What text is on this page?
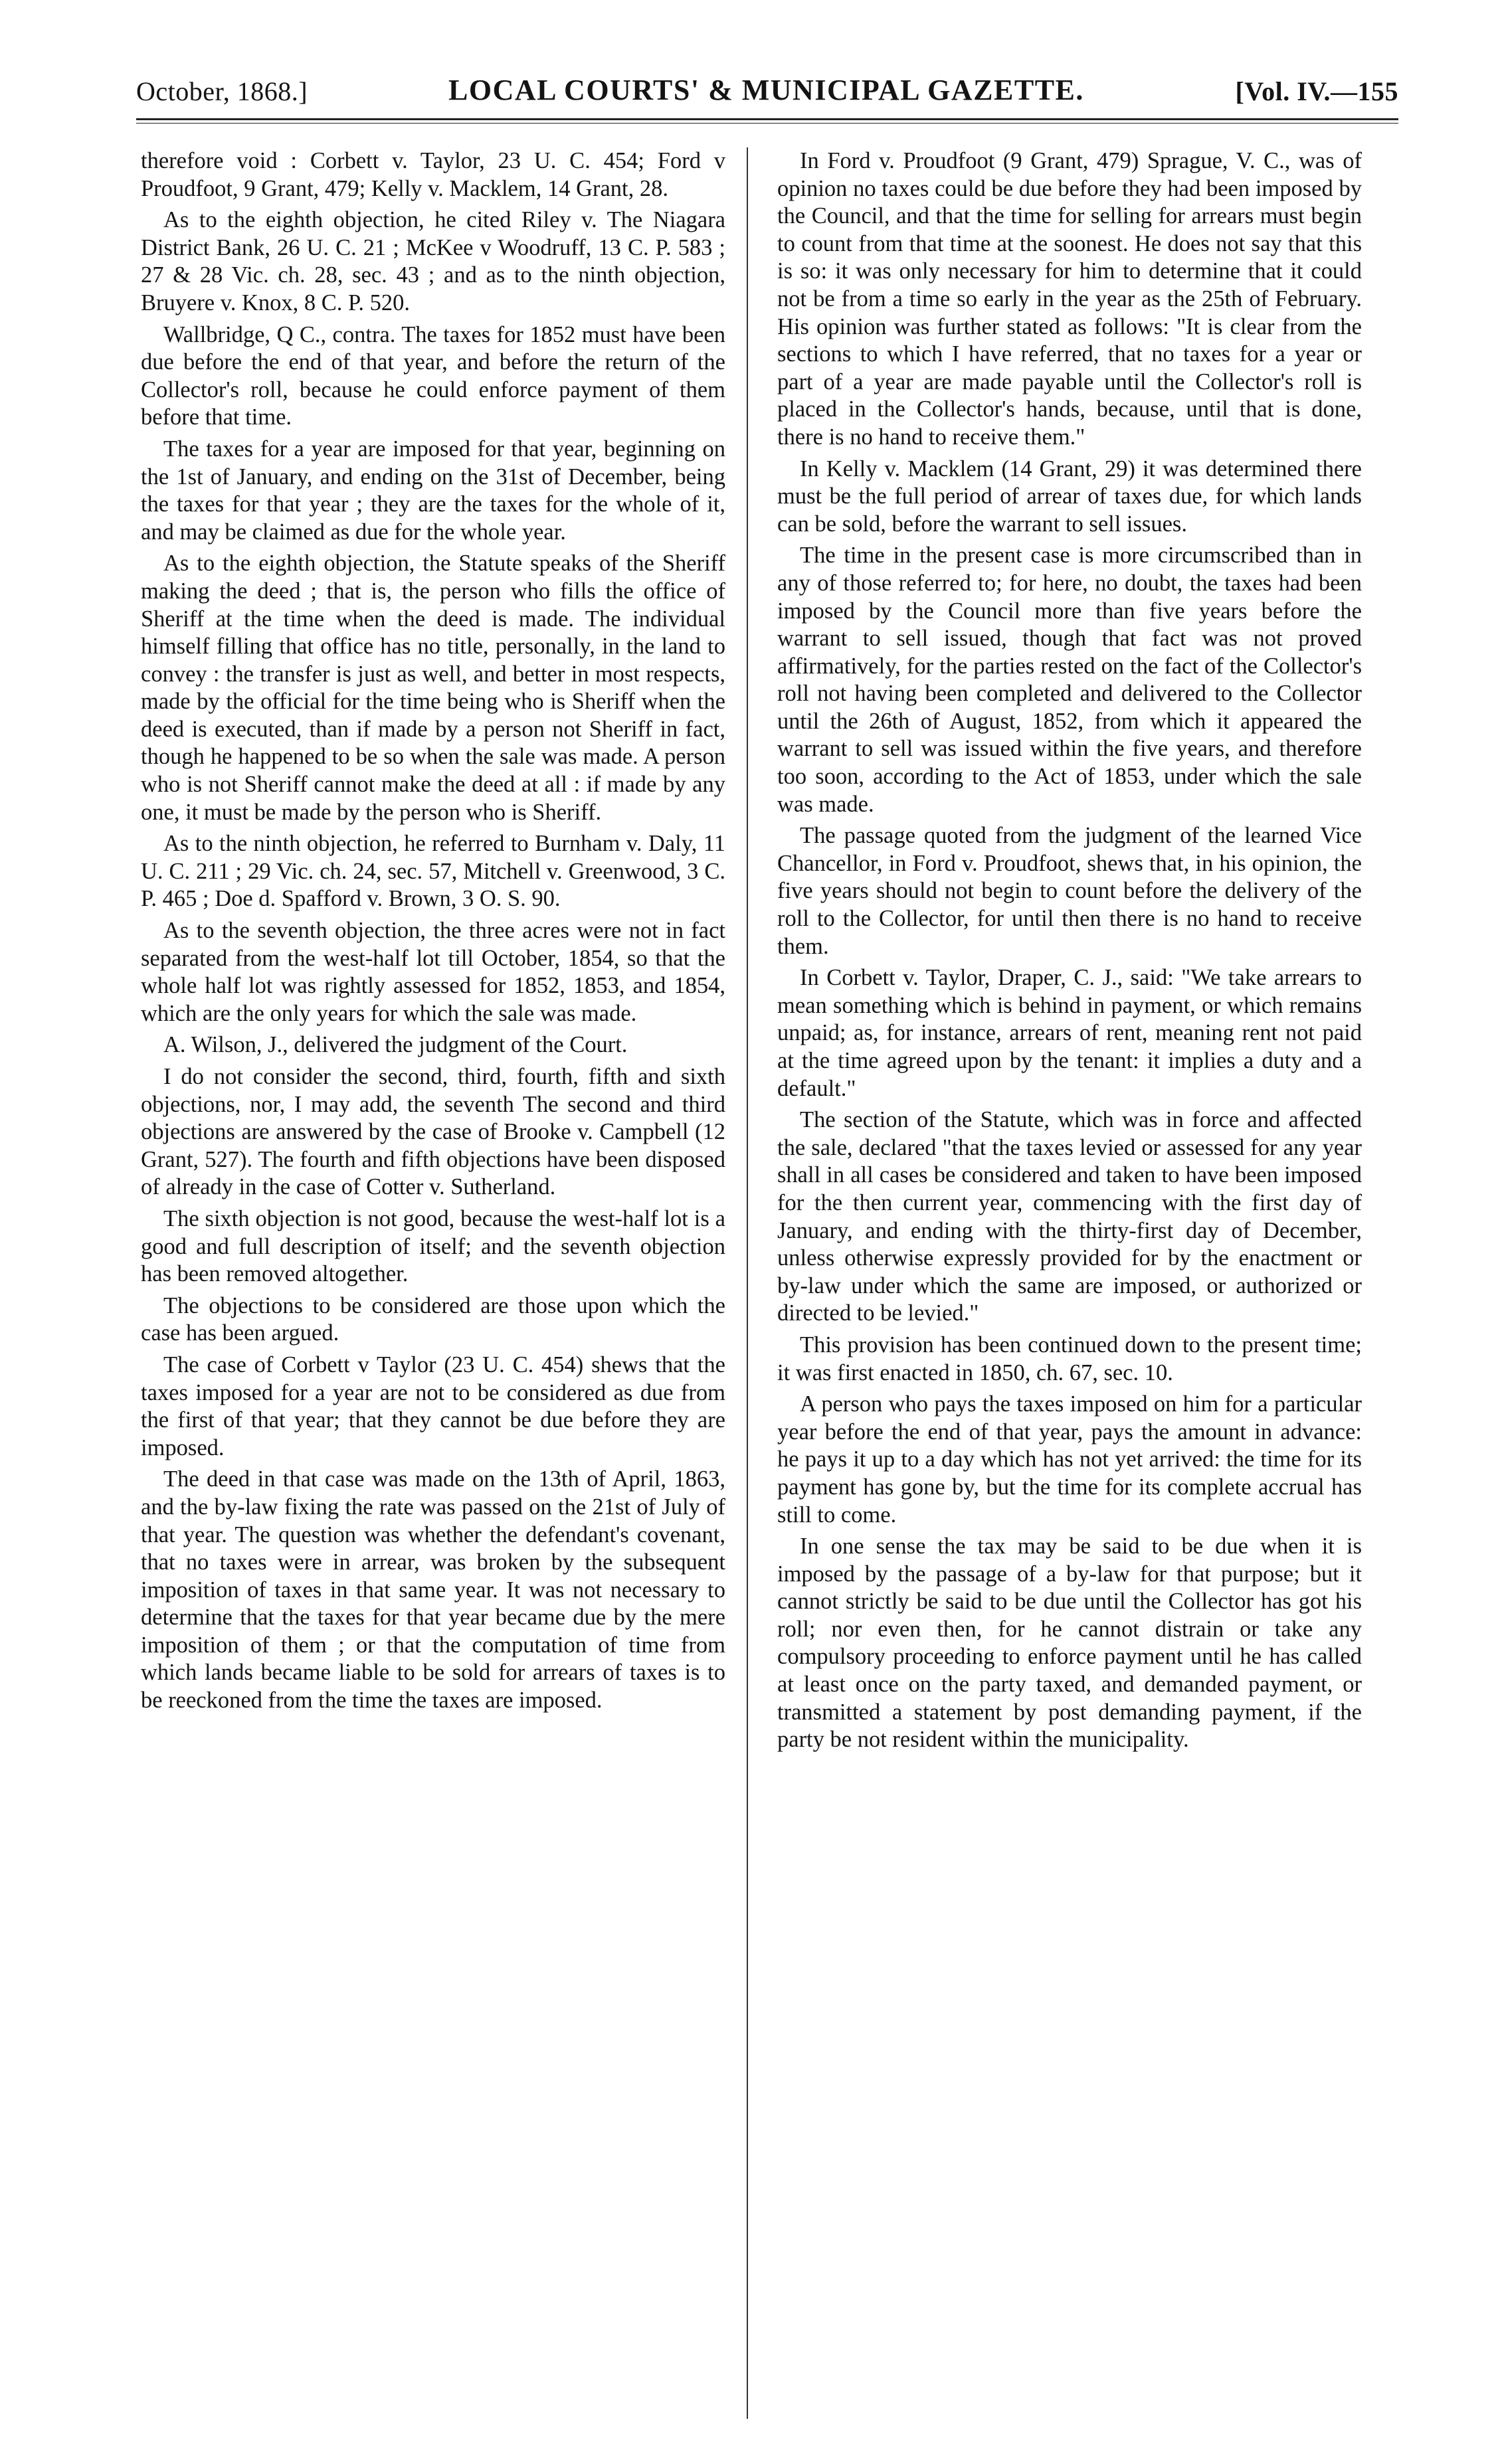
October, 1868.]	LOCAL COURTS' & MUNICIPAL GAZETTE.	[Vol. IV.—155

therefore void : Corbett v. Taylor, 23 U. C. 454; Ford v Proudfoot, 9 Grant, 479; Kelly v. Macklem, 14 Grant, 28.

As to the eighth objection, he cited Riley v. The Niagara District Bank, 26 U. C. 21 ; McKee v Woodruff, 13 C. P. 583 ; 27 & 28 Vic. ch. 28, sec. 43 ; and as to the ninth objection, Bruyere v. Knox, 8 C. P. 520.

Wallbridge, Q C., contra. The taxes for 1852 must have been due before the end of that year, and before the return of the Collector's roll, because he could enforce payment of them before that time.

The taxes for a year are imposed for that year, beginning on the 1st of January, and ending on the 31st of December, being the taxes for that year ; they are the taxes for the whole of it, and may be claimed as due for the whole year.

As to the eighth objection, the Statute speaks of the Sheriff making the deed ; that is, the person who fills the office of Sheriff at the time when the deed is made. The individual himself filling that office has no title, personally, in the land to convey : the transfer is just as well, and better in most respects, made by the official for the time being who is Sheriff when the deed is executed, than if made by a person not Sheriff in fact, though he happened to be so when the sale was made. A person who is not Sheriff cannot make the deed at all : if made by any one, it must be made by the person who is Sheriff.

As to the ninth objection, he referred to Burnham v. Daly, 11 U. C. 211 ; 29 Vic. ch. 24, sec. 57, Mitchell v. Greenwood, 3 C. P. 465 ; Doe d. Spafford v. Brown, 3 O. S. 90.

As to the seventh objection, the three acres were not in fact separated from the west-half lot till October, 1854, so that the whole half lot was rightly assessed for 1852, 1853, and 1854, which are the only years for which the sale was made.

A. Wilson, J., delivered the judgment of the Court.

I do not consider the second, third, fourth, fifth and sixth objections, nor, I may add, the seventh The second and third objections are answered by the case of Brooke v. Campbell (12 Grant, 527). The fourth and fifth objections have been disposed of already in the case of Cotter v. Sutherland.

The sixth objection is not good, because the west-half lot is a good and full description of itself; and the seventh objection has been removed altogether.

The objections to be considered are those upon which the case has been argued.

The case of Corbett v Taylor (23 U. C. 454) shews that the taxes imposed for a year are not to be considered as due from the first of that year; that they cannot be due before they are imposed.

The deed in that case was made on the 13th of April, 1863, and the by-law fixing the rate was passed on the 21st of July of that year. The question was whether the defendant's covenant, that no taxes were in arrear, was broken by the subsequent imposition of taxes in that same year. It was not necessary to determine that the taxes for that year became due by the mere imposition of them ; or that the computation of time from which lands became liable to be sold for arrears of taxes is to be reeckoned from the time the taxes are imposed.

In Ford v. Proudfoot (9 Grant, 479) Sprague, V. C., was of opinion no taxes could be due before they had been imposed by the Council, and that the time for selling for arrears must begin to count from that time at the soonest. He does not say that this is so: it was only necessary for him to determine that it could not be from a time so early in the year as the 25th of February. His opinion was further stated as follows: "It is clear from the sections to which I have referred, that no taxes for a year or part of a year are made payable until the Collector's roll is placed in the Collector's hands, because, until that is done, there is no hand to receive them."

In Kelly v. Macklem (14 Grant, 29) it was determined there must be the full period of arrear of taxes due, for which lands can be sold, before the warrant to sell issues.

The time in the present case is more circumscribed than in any of those referred to; for here, no doubt, the taxes had been imposed by the Council more than five years before the warrant to sell issued, though that fact was not proved affirmatively, for the parties rested on the fact of the Collector's roll not having been completed and delivered to the Collector until the 26th of August, 1852, from which it appeared the warrant to sell was issued within the five years, and therefore too soon, according to the Act of 1853, under which the sale was made.

The passage quoted from the judgment of the learned Vice Chancellor, in Ford v. Proudfoot, shews that, in his opinion, the five years should not begin to count before the delivery of the roll to the Collector, for until then there is no hand to receive them.

In Corbett v. Taylor, Draper, C. J., said: "We take arrears to mean something which is behind in payment, or which remains unpaid; as, for instance, arrears of rent, meaning rent not paid at the time agreed upon by the tenant: it implies a duty and a default."

The section of the Statute, which was in force and affected the sale, declared "that the taxes levied or assessed for any year shall in all cases be considered and taken to have been imposed for the then current year, commencing with the first day of January, and ending with the thirty-first day of December, unless otherwise expressly provided for by the enactment or by-law under which the same are imposed, or authorized or directed to be levied."

This provision has been continued down to the present time; it was first enacted in 1850, ch. 67, sec. 10.

A person who pays the taxes imposed on him for a particular year before the end of that year, pays the amount in advance: he pays it up to a day which has not yet arrived: the time for its payment has gone by, but the time for its complete accrual has still to come.

In one sense the tax may be said to be due when it is imposed by the passage of a by-law for that purpose; but it cannot strictly be said to be due until the Collector has got his roll; nor even then, for he cannot distrain or take any compulsory proceeding to enforce payment until he has called at least once on the party taxed, and demanded payment, or transmitted a statement by post demanding payment, if the party be not resident within the municipality.
